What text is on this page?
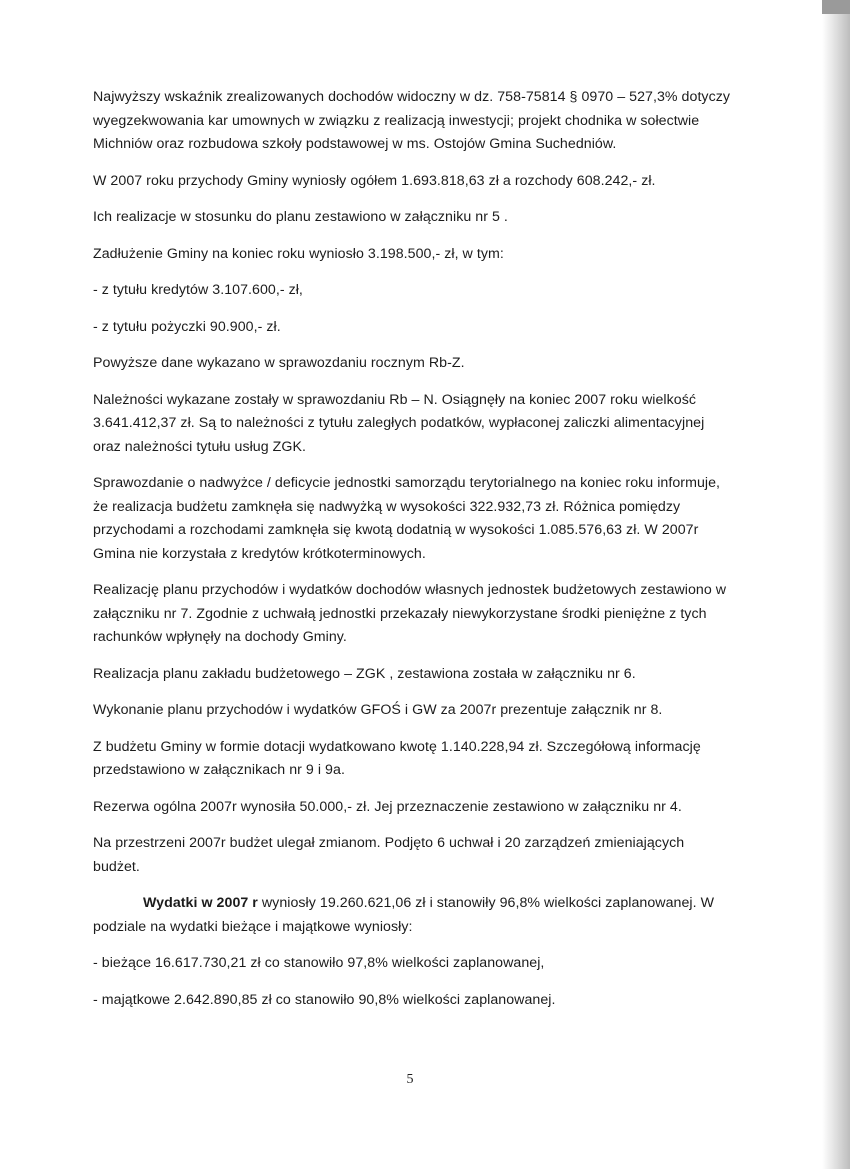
Najwyższy wskaźnik zrealizowanych dochodów widoczny w dz. 758-75814 § 0970 – 527,3% dotyczy wyegzekwowania kar umownych w związku z realizacją inwestycji; projekt chodnika w sołectwie Michniów oraz rozbudowa szkoły podstawowej w ms. Ostojów Gmina Suchedniów.

W 2007 roku przychody Gminy wyniosły ogółem 1.693.818,63 zł a rozchody 608.242,- zł.

Ich realizacje w stosunku do planu zestawiono w załączniku nr 5 .

Zadłużenie Gminy na koniec roku wyniosło 3.198.500,- zł, w tym:

- z tytułu kredytów 3.107.600,- zł,

- z tytułu pożyczki 90.900,- zł.

Powyższe dane wykazano w sprawozdaniu rocznym Rb-Z.

Należności wykazane zostały w sprawozdaniu Rb – N. Osiągnęły na koniec 2007 roku wielkość 3.641.412,37 zł. Są to należności z tytułu zaległych podatków, wypłaconej zaliczki alimentacyjnej oraz należności tytułu usług ZGK.

Sprawozdanie o nadwyżce / deficycie jednostki samorządu terytorialnego na koniec roku informuje, że realizacja budżetu zamknęła się nadwyżką w wysokości 322.932,73 zł. Różnica pomiędzy przychodami a rozchodami zamknęła się kwotą dodatnią w wysokości 1.085.576,63 zł. W 2007r Gmina nie korzystała z kredytów krótkoterminowych.

Realizację planu przychodów i wydatków dochodów własnych jednostek budżetowych zestawiono w załączniku nr 7. Zgodnie z uchwałą jednostki przekazały niewykorzystane środki pieniężne z tych rachunków wpłynęły na dochody Gminy.

Realizacja planu zakładu budżetowego – ZGK , zestawiona została w załączniku nr 6.

Wykonanie planu przychodów i wydatków GFOŚ i GW za 2007r prezentuje załącznik nr 8.

Z budżetu Gminy w formie dotacji wydatkowano kwotę 1.140.228,94 zł. Szczegółową informację przedstawiono w załącznikach nr 9 i 9a.

Rezerwa ogólna 2007r wynosiła 50.000,- zł. Jej przeznaczenie zestawiono w załączniku nr 4.

Na przestrzeni 2007r budżet ulegał zmianom. Podjęto 6 uchwał i 20 zarządzeń zmieniających budżet.

Wydatki w 2007 r wyniosły 19.260.621,06 zł i stanowiły 96,8% wielkości zaplanowanej. W podziale na wydatki bieżące i majątkowe wyniosły:

- bieżące 16.617.730,21 zł co stanowiło 97,8% wielkości zaplanowanej,

- majątkowe 2.642.890,85 zł co stanowiło 90,8% wielkości zaplanowanej.

5
